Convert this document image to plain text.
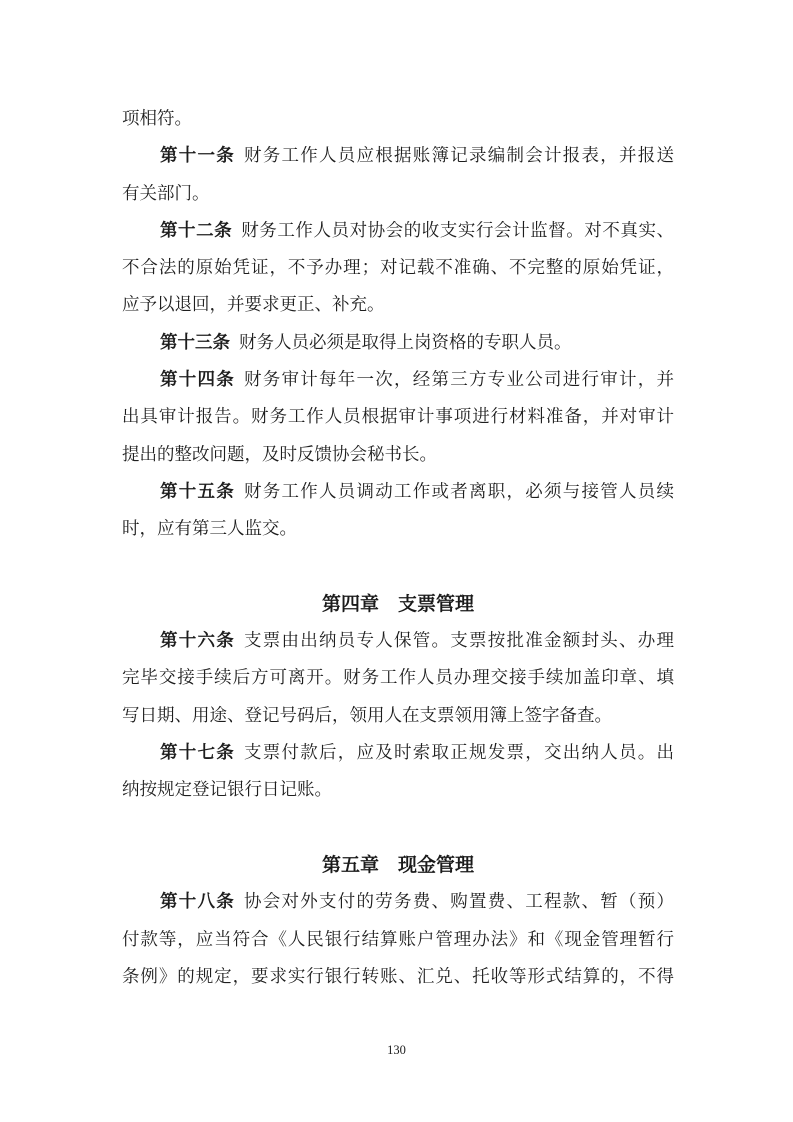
项相符。
第十一条 财务工作人员应根据账簿记录编制会计报表，并报送
有关部门。
第十二条 财务工作人员对协会的收支实行会计监督。对不真实、
不合法的原始凭证，不予办理；对记载不准确、不完整的原始凭证，
应予以退回，并要求更正、补充。
第十三条 财务人员必须是取得上岗资格的专职人员。
第十四条 财务审计每年一次，经第三方专业公司进行审计，并
出具审计报告。财务工作人员根据审计事项进行材料准备，并对审计
提出的整改问题，及时反馈协会秘书长。
第十五条 财务工作人员调动工作或者离职，必须与接管人员续
时，应有第三人监交。
第四章　支票管理
第十六条 支票由出纳员专人保管。支票按批准金额封头、办理
完毕交接手续后方可离开。财务工作人员办理交接手续加盖印章、填
写日期、用途、登记号码后，领用人在支票领用簿上签字备查。
第十七条 支票付款后，应及时索取正规发票，交出纳人员。出
纳按规定登记银行日记账。
第五章　现金管理
第十八条 协会对外支付的劳务费、购置费、工程款、暂（预）
付款等，应当符合《人民银行结算账户管理办法》和《现金管理暂行
条例》的规定，要求实行银行转账、汇兑、托收等形式结算的，不得
130
